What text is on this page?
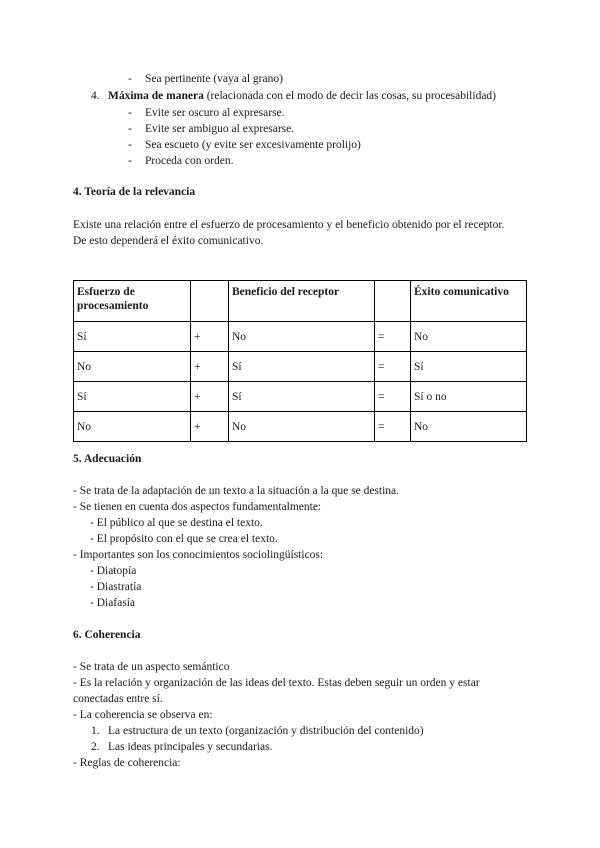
- Sea pertinente (vaya al grano)
4. Máxima de manera (relacionada con el modo de decir las cosas, su procesabilidad)
- Evite ser oscuro al expresarse.
- Evite ser ambiguo al expresarse.
- Sea escueto (y evite ser excesivamente prolijo)
- Proceda con orden.
4. Teoría de la relevancia
Existe una relación entre el esfuerzo de procesamiento y el beneficio obtenido por el receptor.
De esto dependerá el éxito comunicativo.
Esfuerzo de procesamiento		Beneficio del receptor		Éxito comunicativo
Sí	+	No	=	No
No	+	Sí	=	Sí
Sí	+	Sí	=	Sí o no
No	+	No	=	No
5. Adecuación
- Se trata de la adaptación de un texto a la situación a la que se destina.
- Se tienen en cuenta dos aspectos fundamentalmente:
- El público al que se destina el texto.
- El propósito con el que se crea el texto.
- Importantes son los conocimientos sociolingüísticos:
- Diatopía
- Diastratía
- Diafasía
6. Coherencia
- Se trata de un aspecto semántico
- Es la relación y organización de las ideas del texto. Estas deben seguir un orden y estar
conectadas entre sí.
- La coherencia se observa en:
1. La estructura de un texto (organización y distribución del contenido)
2. Las ideas principales y secundarias.
- Reglas de coherencia:
